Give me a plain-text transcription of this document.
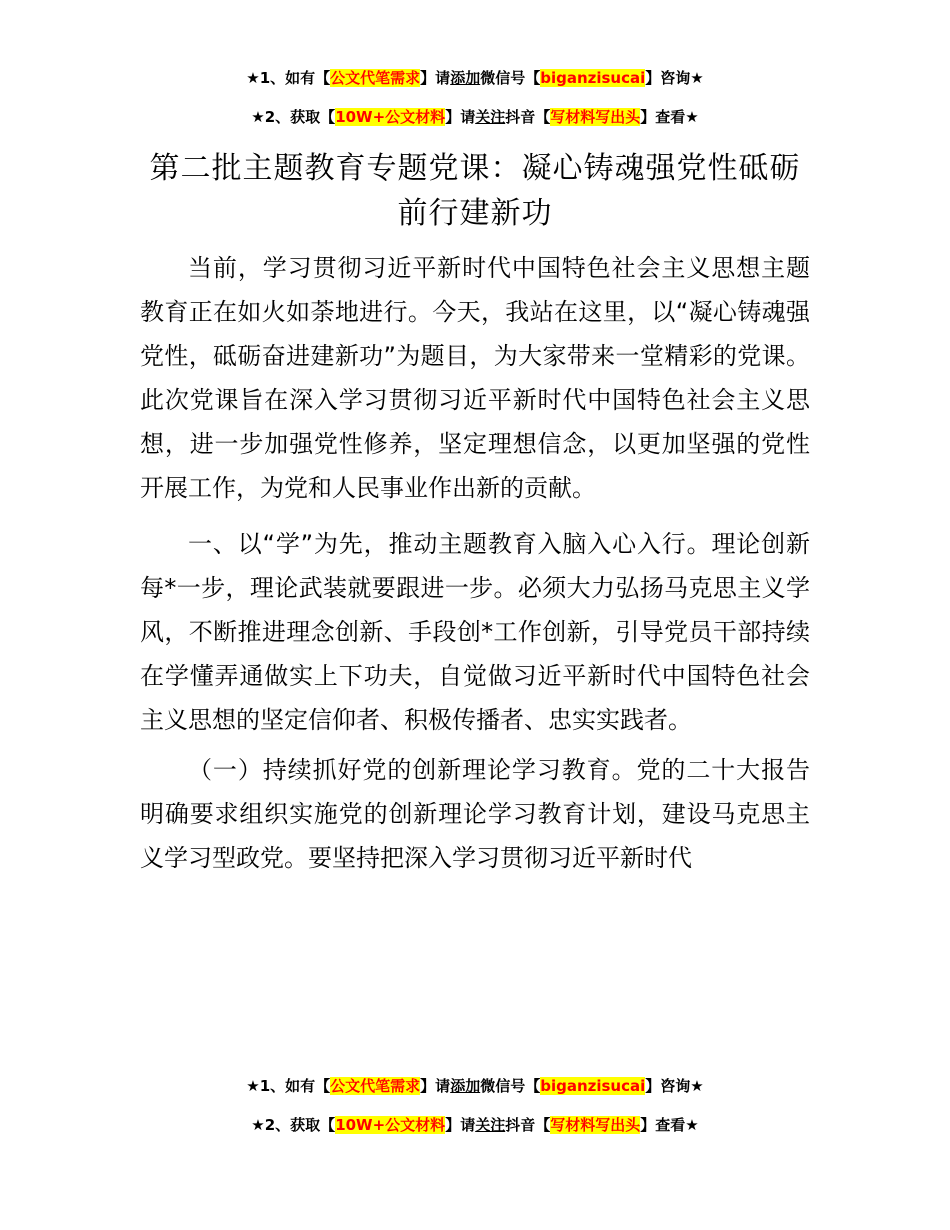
★1、如有【公文代笔需求】请添加微信号【biganzisucai】咨询★
★2、获取【10W+公文材料】请关注抖音【写材料写出头】查看★
第二批主题教育专题党课：凝心铸魂强党性砥砺前行建新功

当前，学习贯彻习近平新时代中国特色社会主义思想主题教育正在如火如荼地进行。今天，我站在这里，以“凝心铸魂强党性，砥砺奋进建新功”为题目，为大家带来一堂精彩的党课。此次党课旨在深入学习贯彻习近平新时代中国特色社会主义思想，进一步加强党性修养，坚定理想信念，以更加坚强的党性开展工作，为党和人民事业作出新的贡献。

一、以“学”为先，推动主题教育入脑入心入行。理论创新每*一步，理论武装就要跟进一步。必须大力弘扬马克思主义学风，不断推进理念创新、手段创*工作创新，引导党员干部持续在学懂弄通做实上下功夫，自觉做习近平新时代中国特色社会主义思想的坚定信仰者、积极传播者、忠实实践者。

（一）持续抓好党的创新理论学习教育。党的二十大报告明确要求组织实施党的创新理论学习教育计划，建设马克思主义学习型政党。要坚持把深入学习贯彻习近平新时代

★1、如有【公文代笔需求】请添加微信号【biganzisucai】咨询★
★2、获取【10W+公文材料】请关注抖音【写材料写出头】查看★
